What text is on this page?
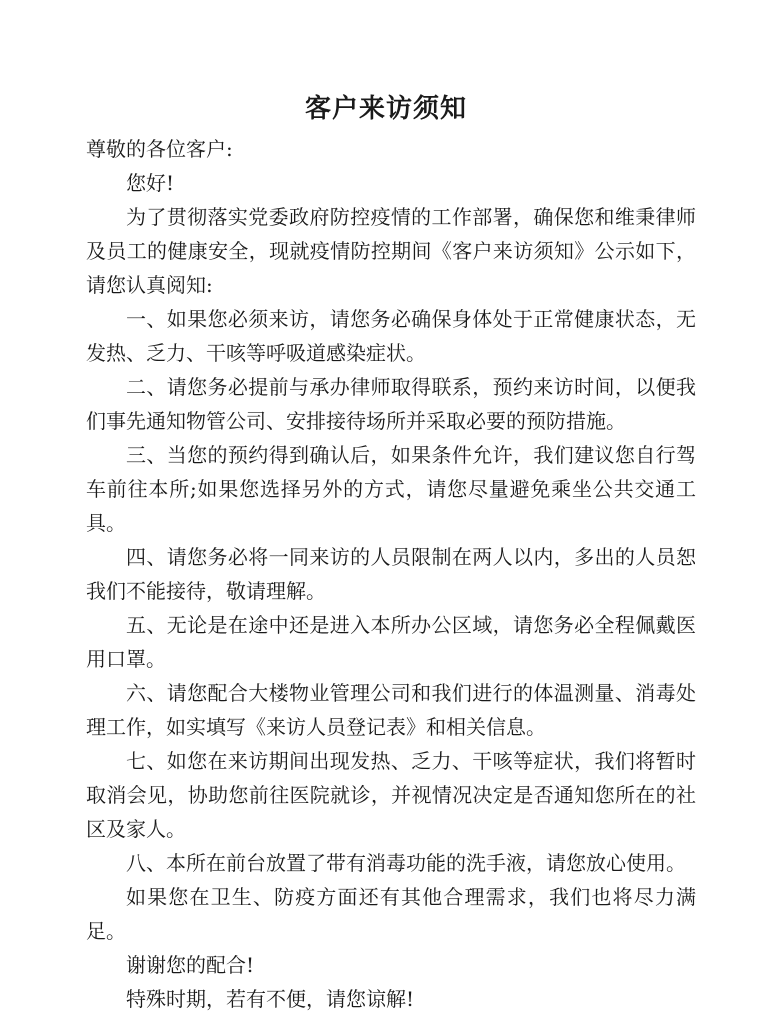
客户来访须知

尊敬的各位客户:

您好!

为了贯彻落实党委政府防控疫情的工作部署，确保您和维秉律师及员工的健康安全，现就疫情防控期间《客户来访须知》公示如下，请您认真阅知:

一、如果您必须来访，请您务必确保身体处于正常健康状态，无发热、乏力、干咳等呼吸道感染症状。

二、请您务必提前与承办律师取得联系，预约来访时间，以便我们事先通知物管公司、安排接待场所并采取必要的预防措施。

三、当您的预约得到确认后，如果条件允许，我们建议您自行驾车前往本所;如果您选择另外的方式，请您尽量避免乘坐公共交通工具。

四、请您务必将一同来访的人员限制在两人以内，多出的人员恕我们不能接待，敬请理解。

五、无论是在途中还是进入本所办公区域，请您务必全程佩戴医用口罩。

六、请您配合大楼物业管理公司和我们进行的体温测量、消毒处理工作，如实填写《来访人员登记表》和相关信息。

七、如您在来访期间出现发热、乏力、干咳等症状，我们将暂时取消会见，协助您前往医院就诊，并视情况决定是否通知您所在的社区及家人。

八、本所在前台放置了带有消毒功能的洗手液，请您放心使用。

如果您在卫生、防疫方面还有其他合理需求，我们也将尽力满足。

谢谢您的配合!

特殊时期，若有不便，请您谅解!
